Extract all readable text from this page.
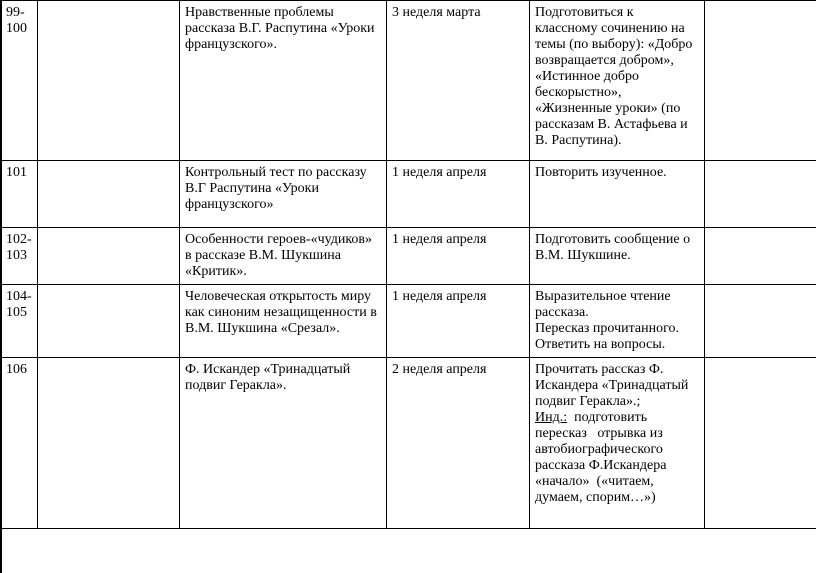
99-100		Нравственные проблемы рассказа В.Г. Распутина «Уроки французского».	3 неделя марта	Подготовиться к классному сочинению на темы (по выбору): «Добро возвращается добром», «Истинное добро бескорыстно», «Жизненные уроки» (по рассказам В. Астафьева и В. Распутина).	
101		Контрольный тест по рассказу
В.Г Распутина «Уроки французского»	1 неделя апреля	Повторить изученное.	
102-103		Особенности героев-«чудиков» в рассказе В.М. Шукшина «Критик».	1 неделя апреля	Подготовить сообщение о
В.М. Шукшине.	

104-105		Человеческая открытость миру как синоним незащищенности в В.М. Шукшина «Срезал».	1 неделя апреля	Выразительное чтение рассказа.
Пересказ прочитанного.
Ответить на вопросы.	

106		Ф. Искандер «Тринадцатый подвиг Геракла».	2 неделя апреля	Прочитать рассказ Ф. Искандера «Тринадцатый подвиг Геракла».;
Инд.:  подготовить пересказ   отрывка из автобиографического рассказа Ф.Искандера «начало»  («читаем, думаем, спорим…»)	
